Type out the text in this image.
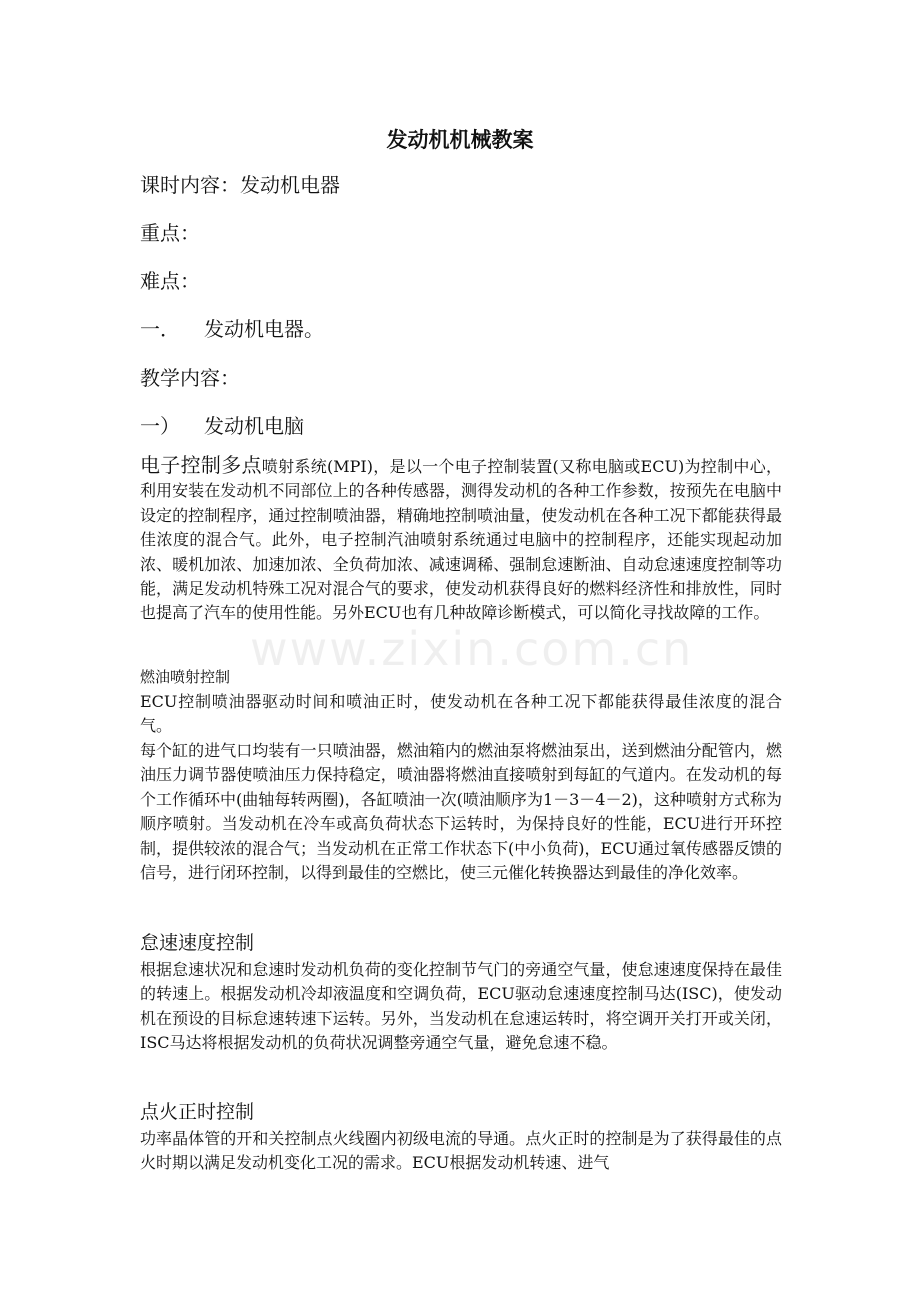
www.zixin.com.cn
发动机机械教案
课时内容：发动机电器
重点：
难点：
一． 发动机电器。
教学内容：
一） 发动机电脑

电子控制多点喷射系统(MPI)，是以一个电子控制装置(又称电脑或ECU)为控制中心，利用安装在发动机不同部位上的各种传感器，测得发动机的各种工作参数，按预先在电脑中设定的控制程序，通过控制喷油器，精确地控制喷油量，使发动机在各种工况下都能获得最佳浓度的混合气。此外，电子控制汽油喷射系统通过电脑中的控制程序，还能实现起动加浓、暖机加浓、加速加浓、全负荷加浓、减速调稀、强制怠速断油、自动怠速速度控制等功能，满足发动机特殊工况对混合气的要求，使发动机获得良好的燃料经济性和排放性，同时也提高了汽车的使用性能。另外ECU也有几种故障诊断模式，可以简化寻找故障的工作。

燃油喷射控制

ECU控制喷油器驱动时间和喷油正时，使发动机在各种工况下都能获得最佳浓度的混合气。

每个缸的进气口均装有一只喷油器，燃油箱内的燃油泵将燃油泵出，送到燃油分配管内，燃油压力调节器使喷油压力保持稳定，喷油器将燃油直接喷射到每缸的气道内。在发动机的每个工作循环中(曲轴每转两圈)，各缸喷油一次(喷油顺序为1－3－4－2)，这种喷射方式称为顺序喷射。当发动机在冷车或高负荷状态下运转时，为保持良好的性能，ECU进行开环控制，提供较浓的混合气；当发动机在正常工作状态下(中小负荷)，ECU通过氧传感器反馈的信号，进行闭环控制，以得到最佳的空燃比，使三元催化转换器达到最佳的净化效率。

怠速速度控制

根据怠速状况和怠速时发动机负荷的变化控制节气门的旁通空气量，使怠速速度保持在最佳的转速上。根据发动机冷却液温度和空调负荷，ECU驱动怠速速度控制马达(ISC)，使发动机在预设的目标怠速转速下运转。另外，当发动机在怠速运转时，将空调开关打开或关闭，ISC马达将根据发动机的负荷状况调整旁通空气量，避免怠速不稳。

点火正时控制

功率晶体管的开和关控制点火线圈内初级电流的导通。点火正时的控制是为了获得最佳的点火时期以满足发动机变化工况的需求。ECU根据发动机转速、进气
